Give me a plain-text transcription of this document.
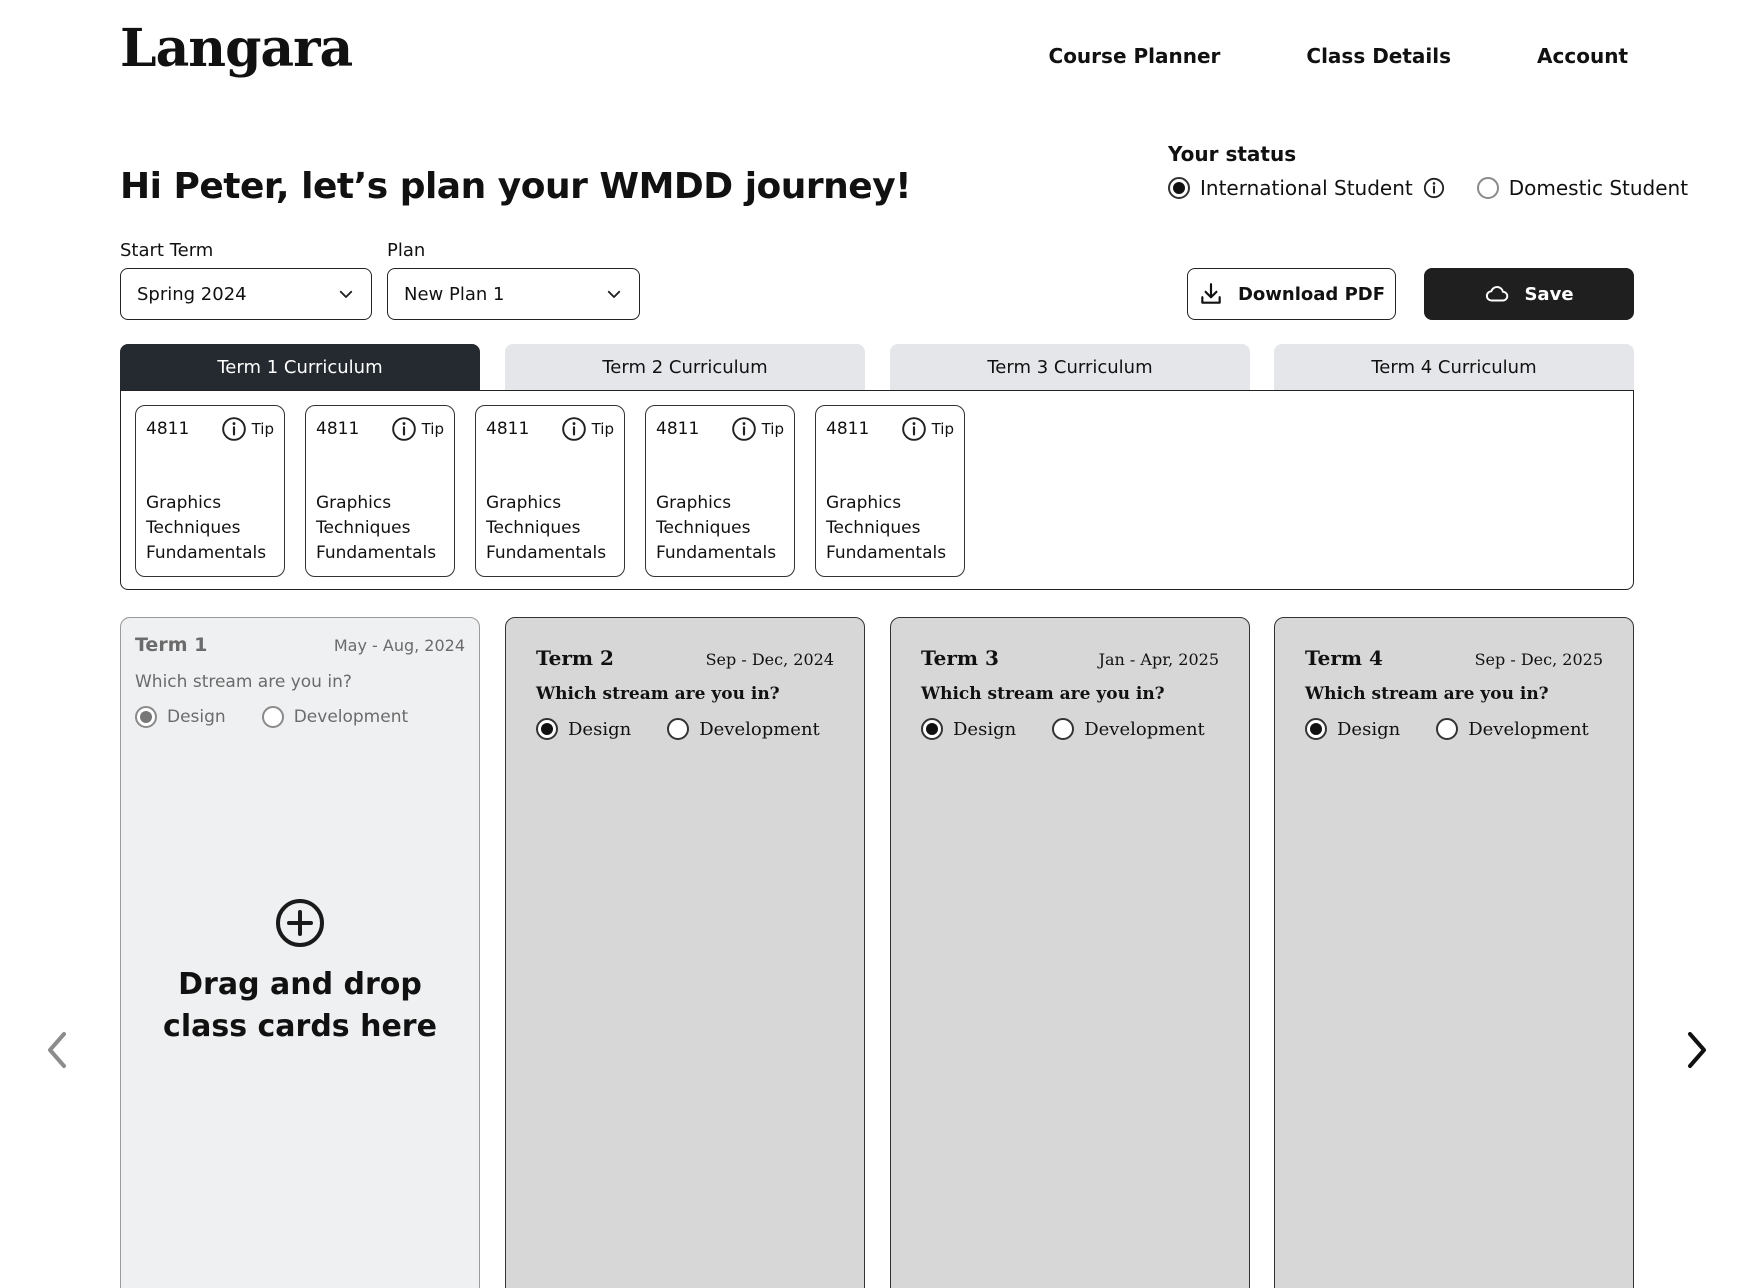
Langara	Course Planner	Class Details	Account
Hi Peter, let’s plan your WMDD journey!
Your status
International Student	Domestic Student
Start Term
Spring 2024
Plan
New Plan 1	Download PDF	Save
Term 1 Curriculum	Term 2 Curriculum	Term 3 Curriculum	Term 4 Curriculum
4811	Tip
Graphics Techniques Fundamentals
4811	Tip
Graphics Techniques Fundamentals
4811	Tip
Graphics Techniques Fundamentals
4811	Tip
Graphics Techniques Fundamentals
4811	Tip
Graphics Techniques Fundamentals
Term 1	May - Aug, 2024
Which stream are you in?
Design	Development
Drag and drop class cards here
Term 2	Sep - Dec, 2024
Which stream are you in?
Design	Development
Term 3	Jan - Apr, 2025
Which stream are you in?
Design	Development
Term 4	Sep - Dec, 2025
Which stream are you in?
Design	Development
